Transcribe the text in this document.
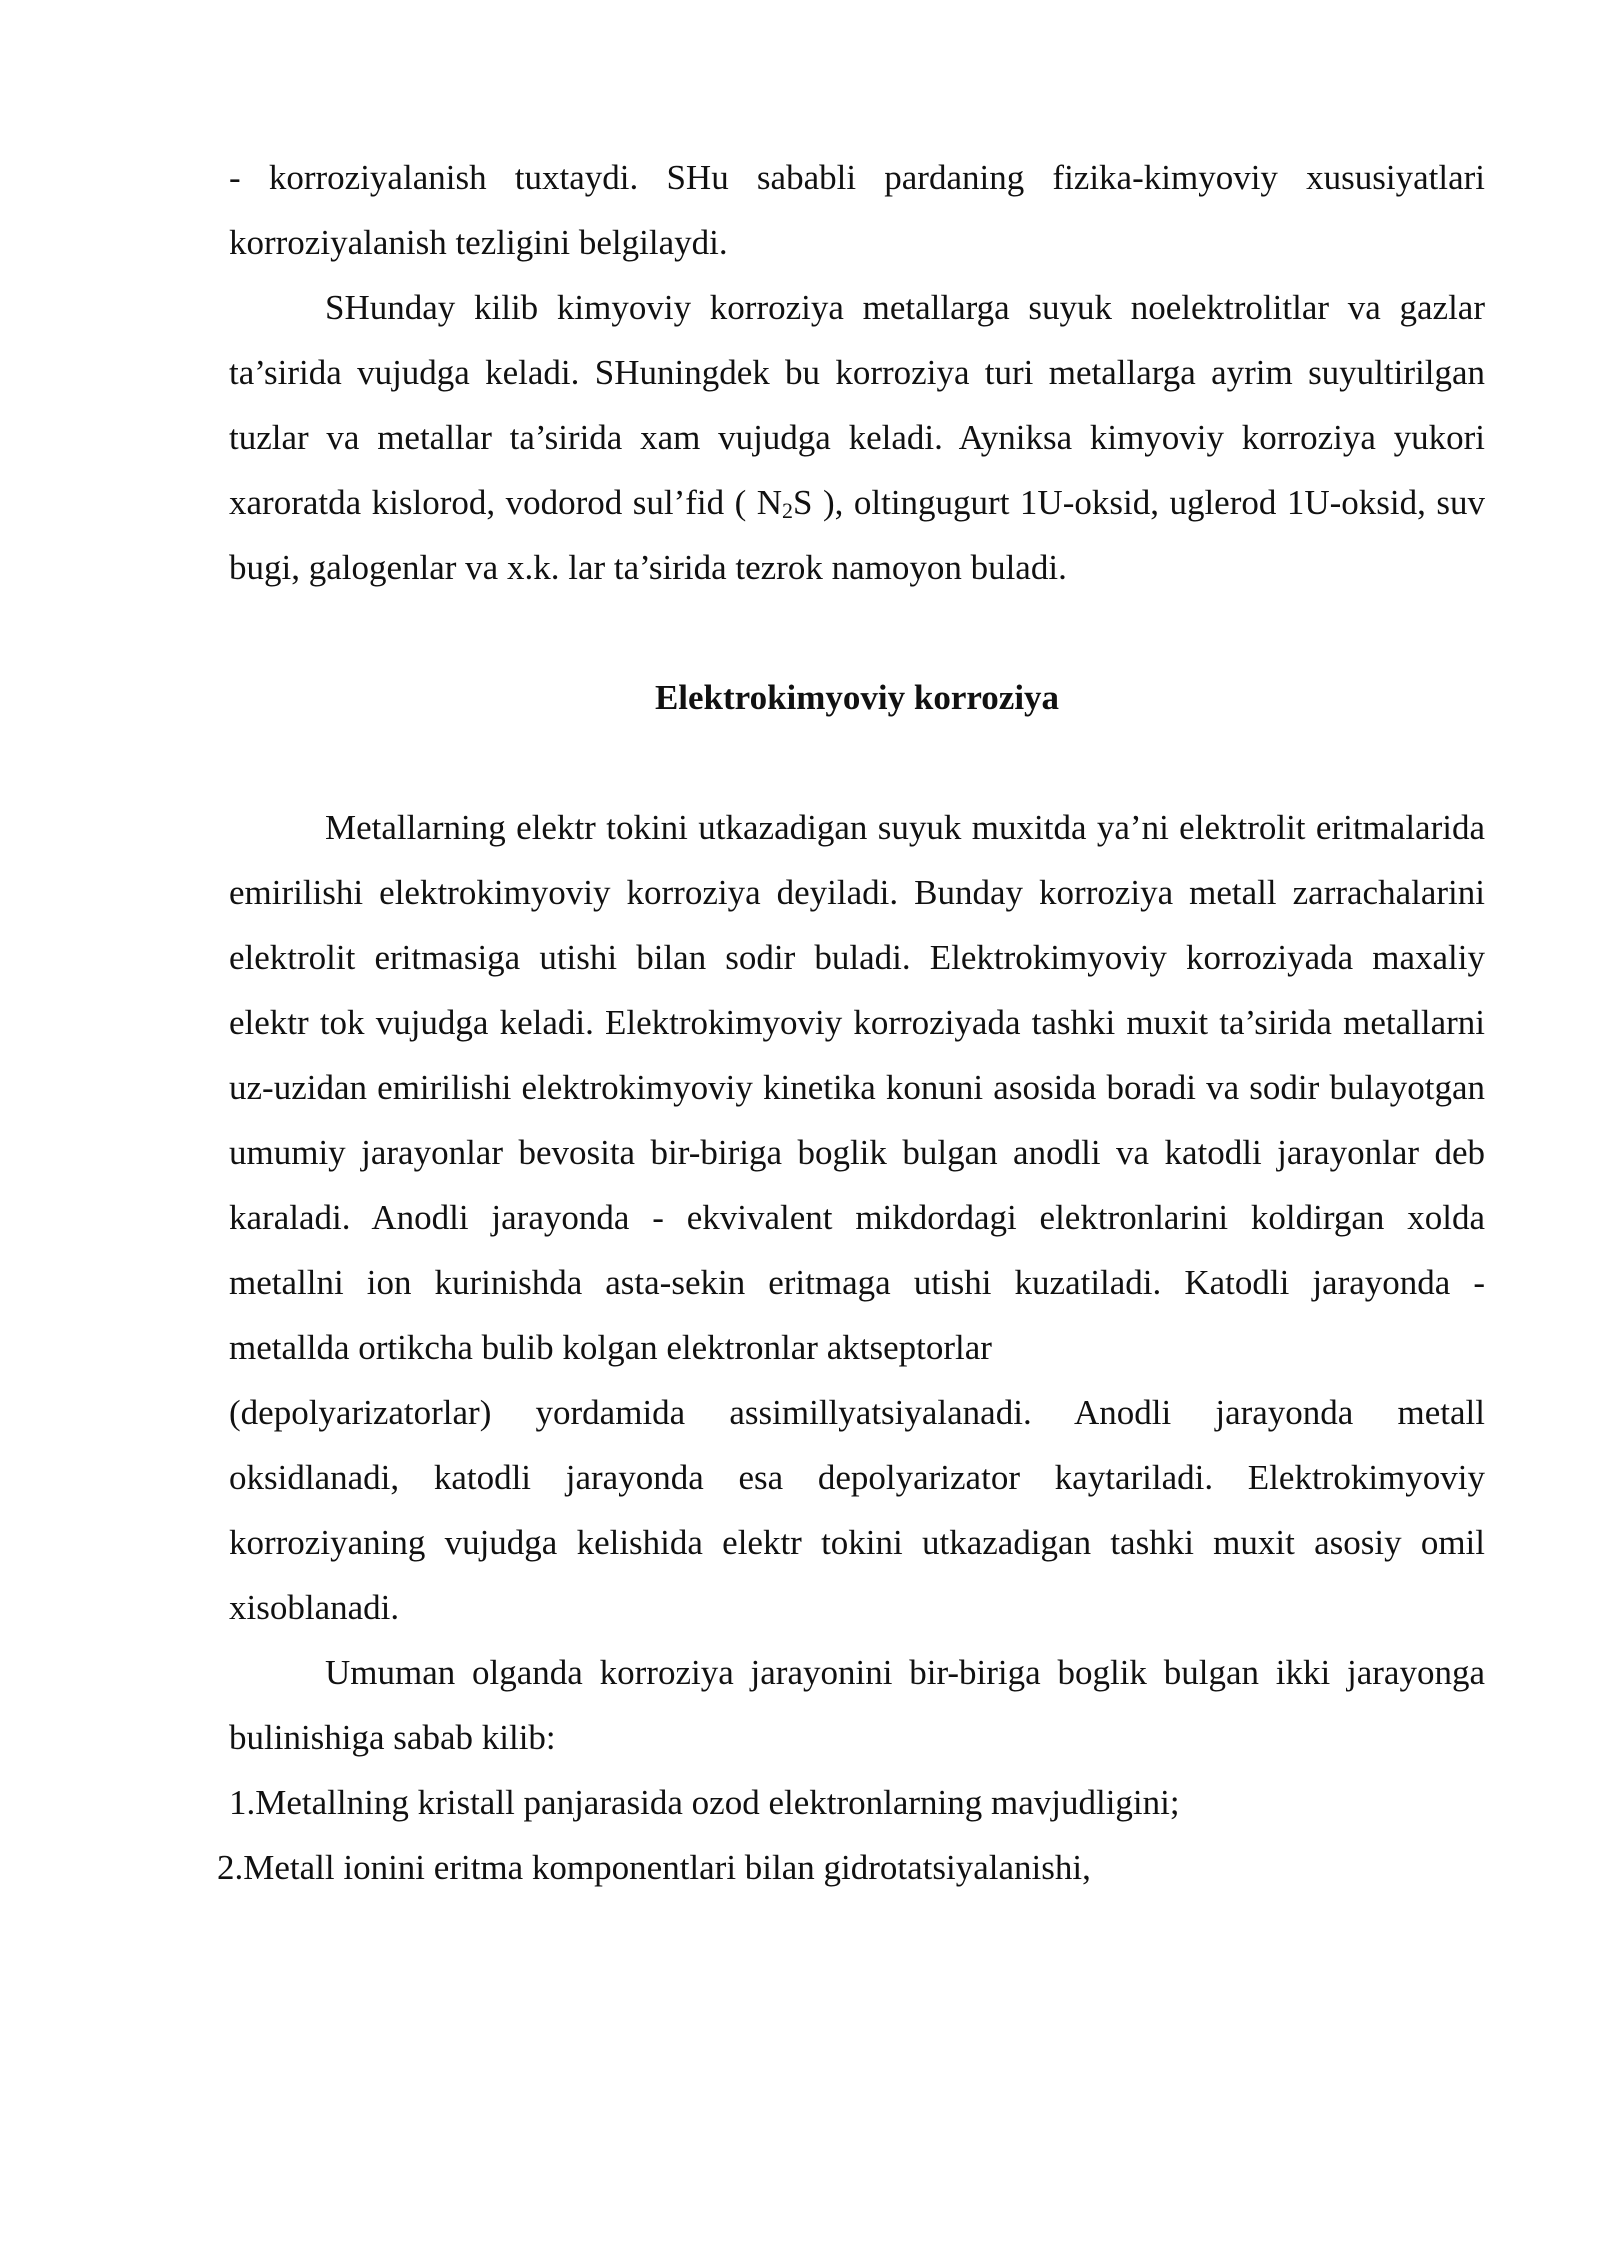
- korroziyalanish tuxtaydi. SHu sababli pardaning fizika-kimyoviy xususiyatlari korroziyalanish tezligini belgilaydi.

SHunday kilib kimyoviy korroziya metallarga suyuk noelektrolitlar va gazlar ta’sirida vujudga keladi. SHuningdek bu korroziya turi metallarga ayrim suyultirilgan tuzlar va metallar ta’sirida xam vujudga keladi. Ayniksa kimyoviy korroziya yukori xaroratda kislorod, vodorod sul’fid ( $N_2S$ ), oltingugurt 1U-oksid, uglerod 1U-oksid, suv bugi, galogenlar va x.k. lar ta’sirida tezrok namoyon buladi.

Elektrokimyoviy korroziya

Metallarning elektr tokini utkazadigan suyuk muxitda ya’ni elektrolit eritmalarida emirilishi elektrokimyoviy korroziya deyiladi. Bunday korroziya metall zarrachalarini elektrolit eritmasiga utishi bilan sodir buladi. Elektrokimyoviy korroziyada maxaliy elektr tok vujudga keladi. Elektrokimyoviy korroziyada tashki muxit ta’sirida metallarni uz-uzidan emirilishi elektrokimyoviy kinetika konuni asosida boradi va sodir bulayotgan umumiy jarayonlar bevosita bir-biriga boglik bulgan anodli va katodli jarayonlar deb karaladi. Anodli jarayonda - ekvivalent mikdordagi elektronlarini koldirgan xolda metallni ion kurinishda asta-sekin eritmaga utishi kuzatiladi. Katodli jarayonda - metallda ortikcha bulib kolgan elektronlar aktseptorlar

(depolyarizatorlar) yordamida assimillyatsiyalanadi. Anodli jarayonda metall oksidlanadi, katodli jarayonda esa depolyarizator kaytariladi. Elektrokimyoviy korroziyaning vujudga kelishida elektr tokini utkazadigan tashki muxit asosiy omil xisoblanadi.

Umuman olganda korroziya jarayonini bir-biriga boglik bulgan ikki jarayonga bulinishiga sabab kilib:

1.Metallning kristall panjarasida ozod elektronlarning mavjudligini;

2.Metall ionini eritma komponentlari bilan gidrotatsiyalanishi,
